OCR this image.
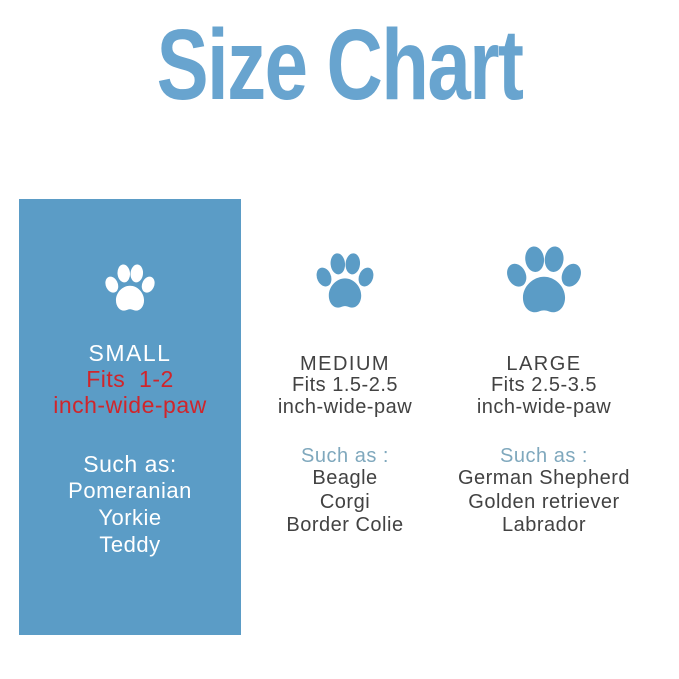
Size Chart
SMALL
Fits  1-2
inch-wide-paw
Such as:
Pomeranian
Yorkie
Teddy
MEDIUM
Fits 1.5-2.5
inch-wide-paw
Such as :
Beagle
Corgi
Border Colie
LARGE
Fits 2.5-3.5
inch-wide-paw
Such as :
German Shepherd
Golden retriever
Labrador
